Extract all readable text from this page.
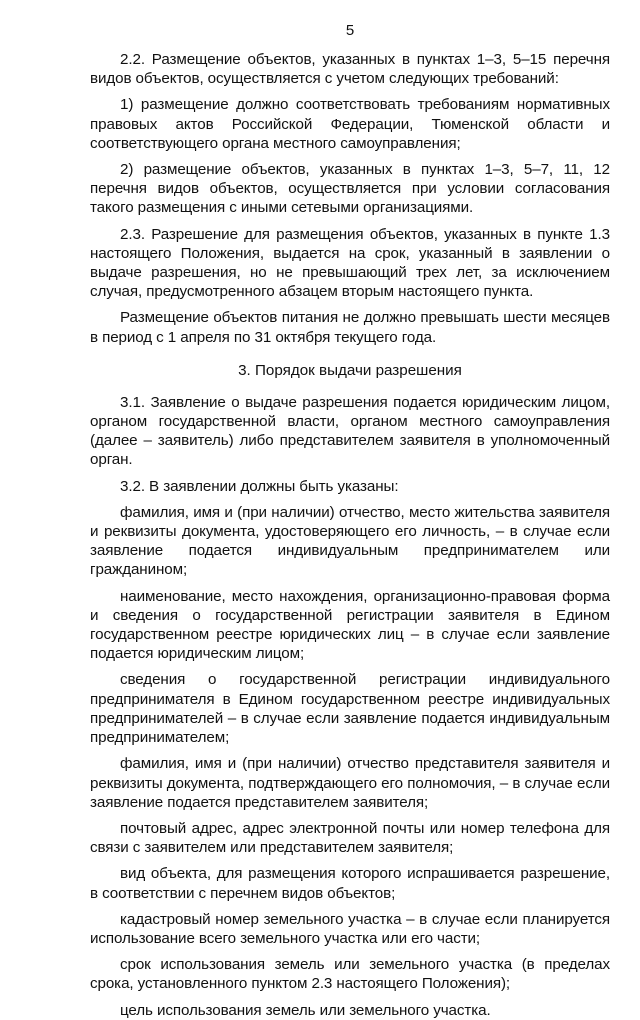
5

2.2. Размещение объектов, указанных в пунктах 1–3, 5–15 перечня видов объектов, осуществляется с учетом следующих требований:

1) размещение должно соответствовать требованиям нормативных правовых актов Российской Федерации, Тюменской области и соответствующего органа местного самоуправления;

2) размещение объектов, указанных в пунктах 1–3, 5–7, 11, 12 перечня видов объектов, осуществляется при условии согласования такого размещения с иными сетевыми организациями.

2.3. Разрешение для размещения объектов, указанных в пункте 1.3 настоящего Положения, выдается на срок, указанный в заявлении о выдаче разрешения, но не превышающий трех лет, за исключением случая, предусмотренного абзацем вторым настоящего пункта.

Размещение объектов питания не должно превышать шести месяцев в период с 1 апреля по 31 октября текущего года.

3. Порядок выдачи разрешения

3.1. Заявление о выдаче разрешения подается юридическим лицом, органом государственной власти, органом местного самоуправления (далее – заявитель) либо представителем заявителя в уполномоченный орган.

3.2. В заявлении должны быть указаны:

фамилия, имя и (при наличии) отчество, место жительства заявителя и реквизиты документа, удостоверяющего его личность, – в случае если заявление подается индивидуальным предпринимателем или гражданином;

наименование, место нахождения, организационно-правовая форма и сведения о государственной регистрации заявителя в Едином государственном реестре юридических лиц – в случае если заявление подается юридическим лицом;

сведения о государственной регистрации индивидуального предпринимателя в Едином государственном реестре индивидуальных предпринимателей – в случае если заявление подается индивидуальным предпринимателем;

фамилия, имя и (при наличии) отчество представителя заявителя и реквизиты документа, подтверждающего его полномочия, – в случае если заявление подается представителем заявителя;

почтовый адрес, адрес электронной почты или номер телефона для связи с заявителем или представителем заявителя;

вид объекта, для размещения которого испрашивается разрешение, в соответствии с перечнем видов объектов;

кадастровый номер земельного участка – в случае если планируется использование всего земельного участка или его части;

срок использования земель или земельного участка (в пределах срока, установленного пунктом 2.3 настоящего Положения);

цель использования земель или земельного участка.
